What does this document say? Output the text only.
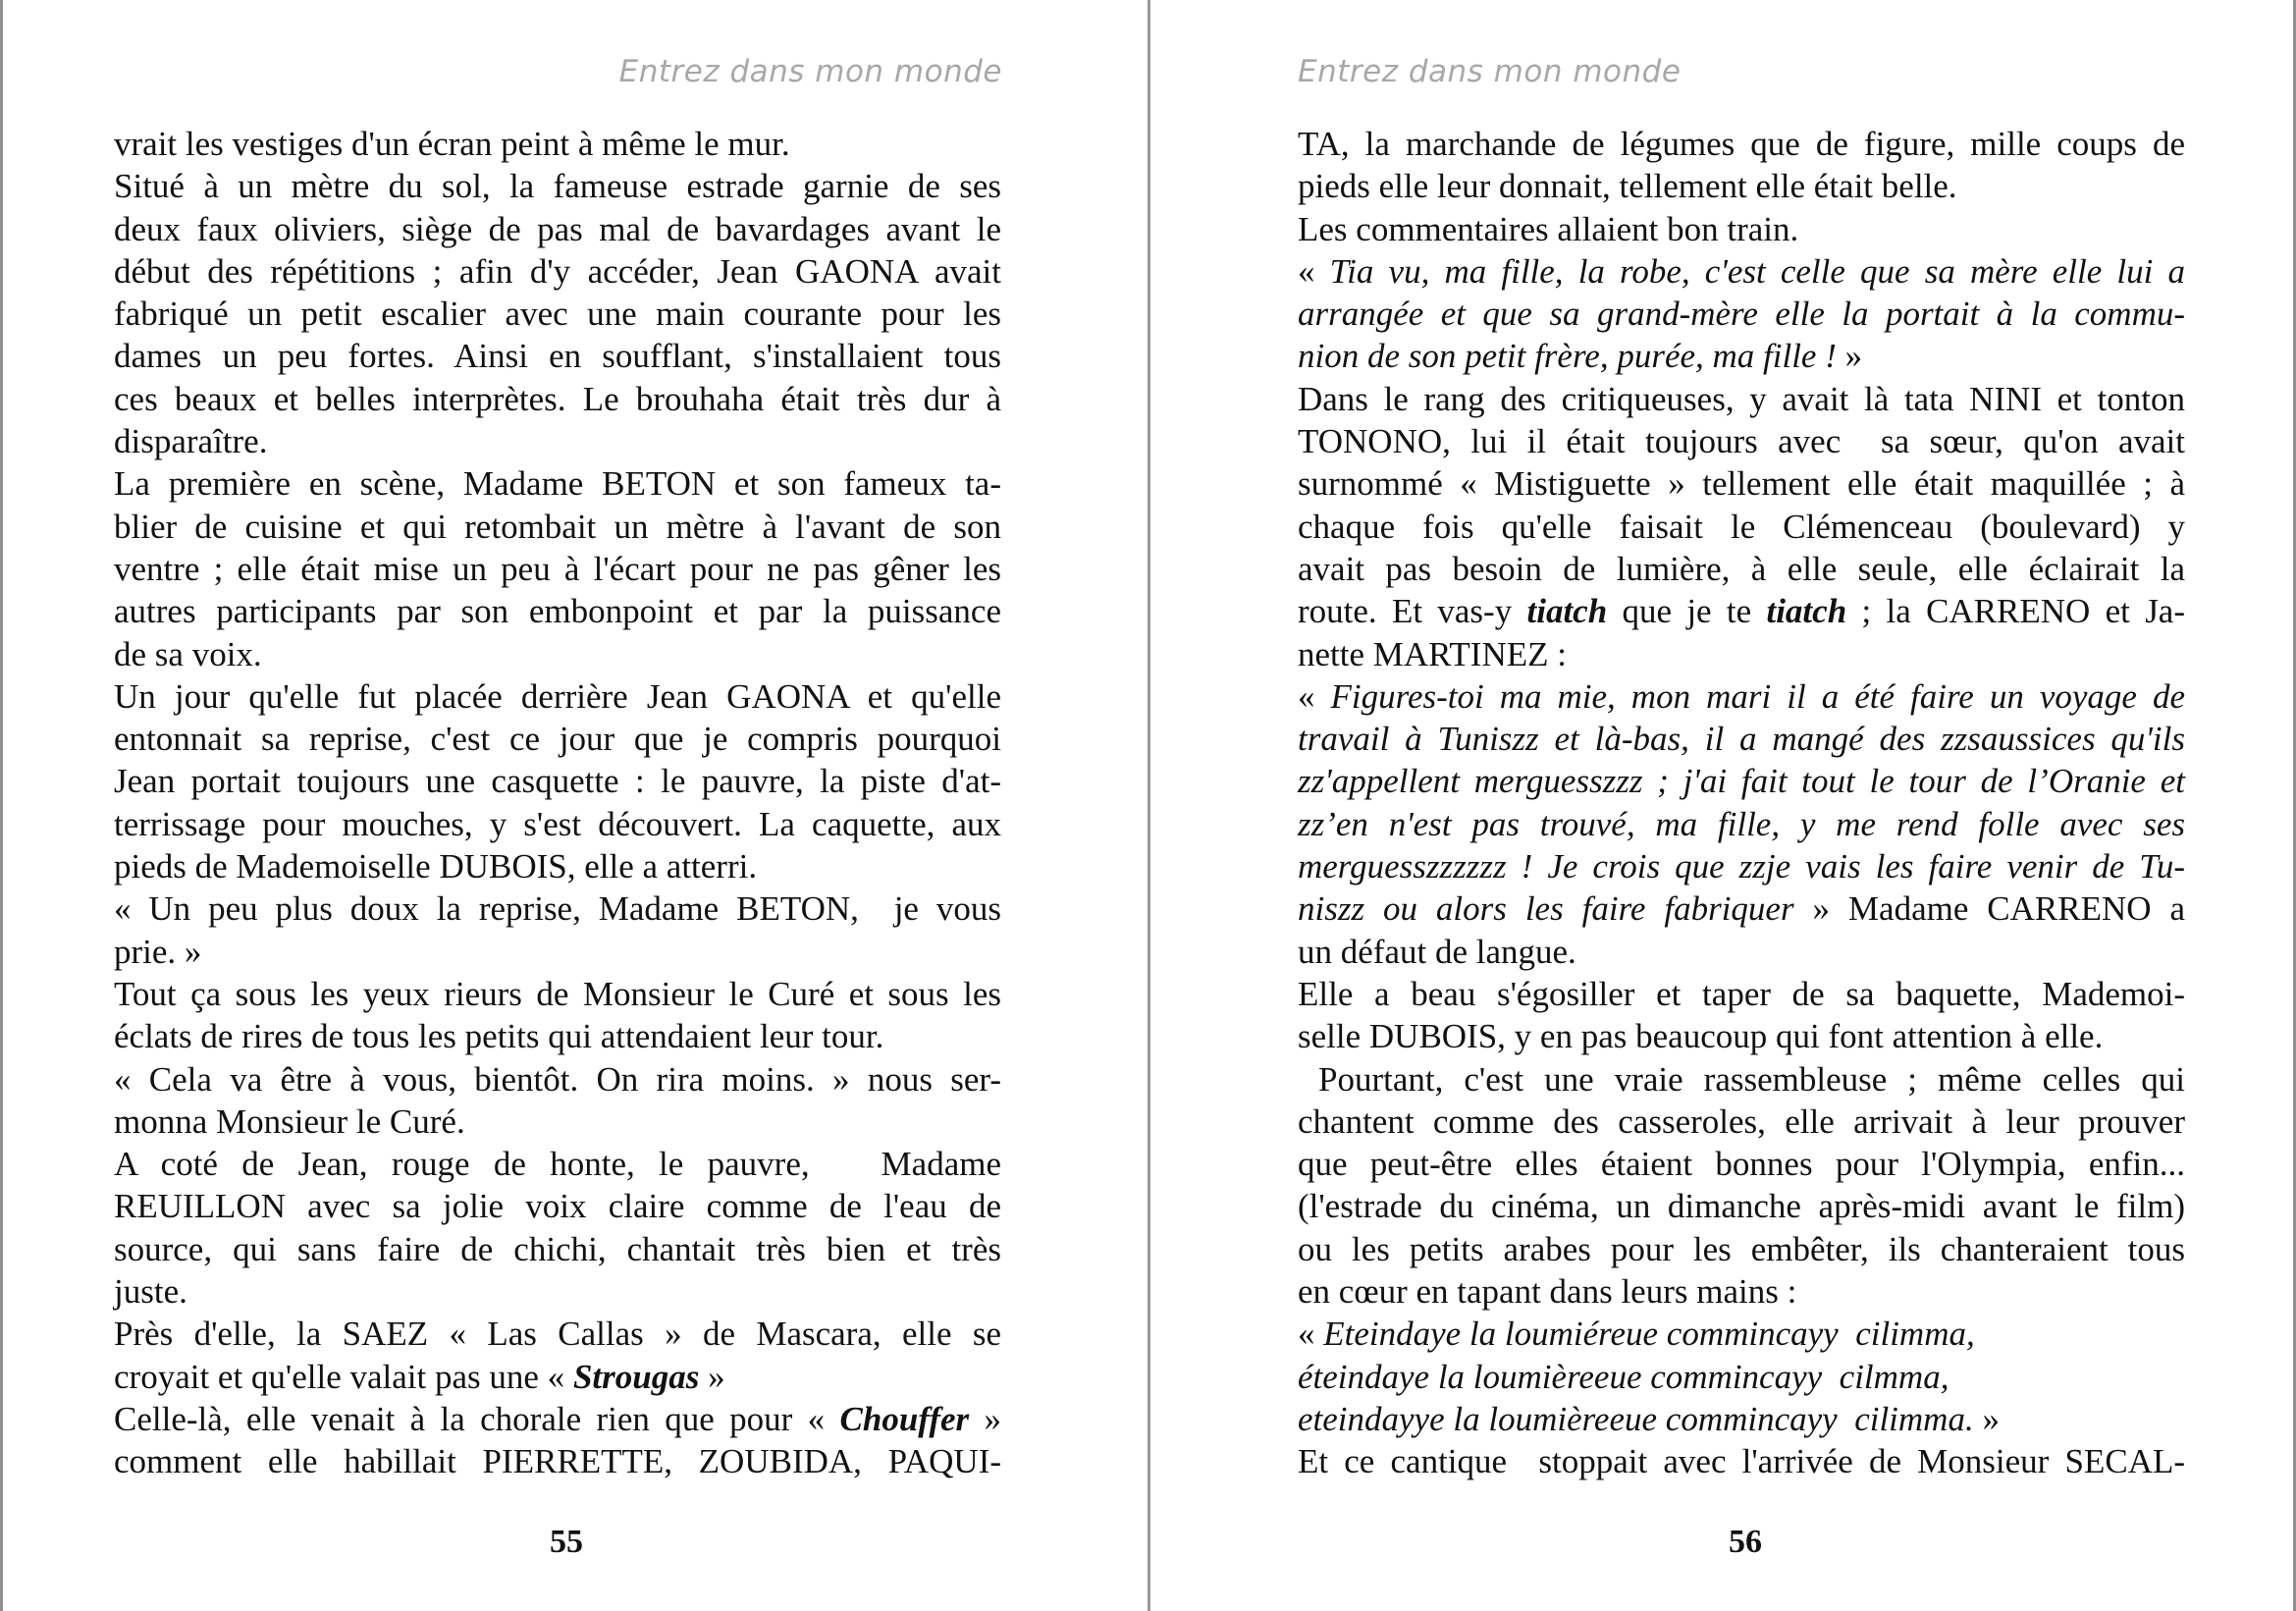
Entrez dans mon monde
vrait les vestiges d'un écran peint à même le mur.
Situé à un mètre du sol, la fameuse estrade garnie de ses
deux faux oliviers, siège de pas mal de bavardages avant le
début des répétitions ; afin d'y accéder, Jean GAONA avait
fabriqué un petit escalier avec une main courante pour les
dames un peu fortes. Ainsi en soufflant, s'installaient tous
ces beaux et belles interprètes. Le brouhaha était très dur à
disparaître.
La première en scène, Madame BETON et son fameux ta-
blier de cuisine et qui retombait un mètre à l'avant de son
ventre ; elle était mise un peu à l'écart pour ne pas gêner les
autres participants par son embonpoint et par la puissance
de sa voix.
Un jour qu'elle fut placée derrière Jean GAONA et qu'elle
entonnait sa reprise, c'est ce jour que je compris pourquoi
Jean portait toujours une casquette : le pauvre, la piste d'at-
terrissage pour mouches, y s'est découvert. La caquette, aux
pieds de Mademoiselle DUBOIS, elle a atterri.
« Un peu plus doux la reprise, Madame BETON,  je vous
prie. »
Tout ça sous les yeux rieurs de Monsieur le Curé et sous les
éclats de rires de tous les petits qui attendaient leur tour.
« Cela va être à vous, bientôt. On rira moins. » nous ser-
monna Monsieur le Curé.
A coté de Jean, rouge de honte, le pauvre,   Madame
REUILLON avec sa jolie voix claire comme de l'eau de
source, qui sans faire de chichi, chantait très bien et très
juste.
Près d'elle, la SAEZ « Las Callas » de Mascara, elle se
croyait et qu'elle valait pas une « Strougas »
Celle-là, elle venait à la chorale rien que pour « Chouffer »
comment elle habillait PIERRETTE, ZOUBIDA, PAQUI-
55
Entrez dans mon monde
TA, la marchande de légumes que de figure, mille coups de
pieds elle leur donnait, tellement elle était belle.
Les commentaires allaient bon train.
« Tia vu, ma fille, la robe, c'est celle que sa mère elle lui a
arrangée et que sa grand-mère elle la portait à la commu-
nion de son petit frère, purée, ma fille ! »
Dans le rang des critiqueuses, y avait là tata NINI et tonton
TONONO, lui il était toujours avec  sa sœur, qu'on avait
surnommé « Mistiguette » tellement elle était maquillée ; à
chaque fois qu'elle faisait le Clémenceau (boulevard) y
avait pas besoin de lumière, à elle seule, elle éclairait la
route. Et vas-y tiatch que je te tiatch ; la CARRENO et Ja-
nette MARTINEZ :
« Figures-toi ma mie, mon mari il a été faire un voyage de
travail à Tuniszz et là-bas, il a mangé des zzsaussices qu'ils
zz'appellent merguesszzz ; j'ai fait tout le tour de l’Oranie et
zz’en n'est pas trouvé, ma fille, y me rend folle avec ses
merguesszzzzzz ! Je crois que zzje vais les faire venir de Tu-
niszz ou alors les faire fabriquer » Madame CARRENO a
un défaut de langue.
Elle a beau s'égosiller et taper de sa baquette, Mademoi-
selle DUBOIS, y en pas beaucoup qui font attention à elle.
Pourtant, c'est une vraie rassembleuse ; même celles qui
chantent comme des casseroles, elle arrivait à leur prouver
que peut-être elles étaient bonnes pour l'Olympia, enfin...
(l'estrade du cinéma, un dimanche après-midi avant le film)
ou les petits arabes pour les embêter, ils chanteraient tous
en cœur en tapant dans leurs mains :
« Eteindaye la loumiéreue commincayy  cilimma,
éteindaye la loumièreeue commincayy  cilmma,
eteindayye la loumièreeue commincayy  cilimma. »
Et ce cantique  stoppait avec l'arrivée de Monsieur SECAL-
56
